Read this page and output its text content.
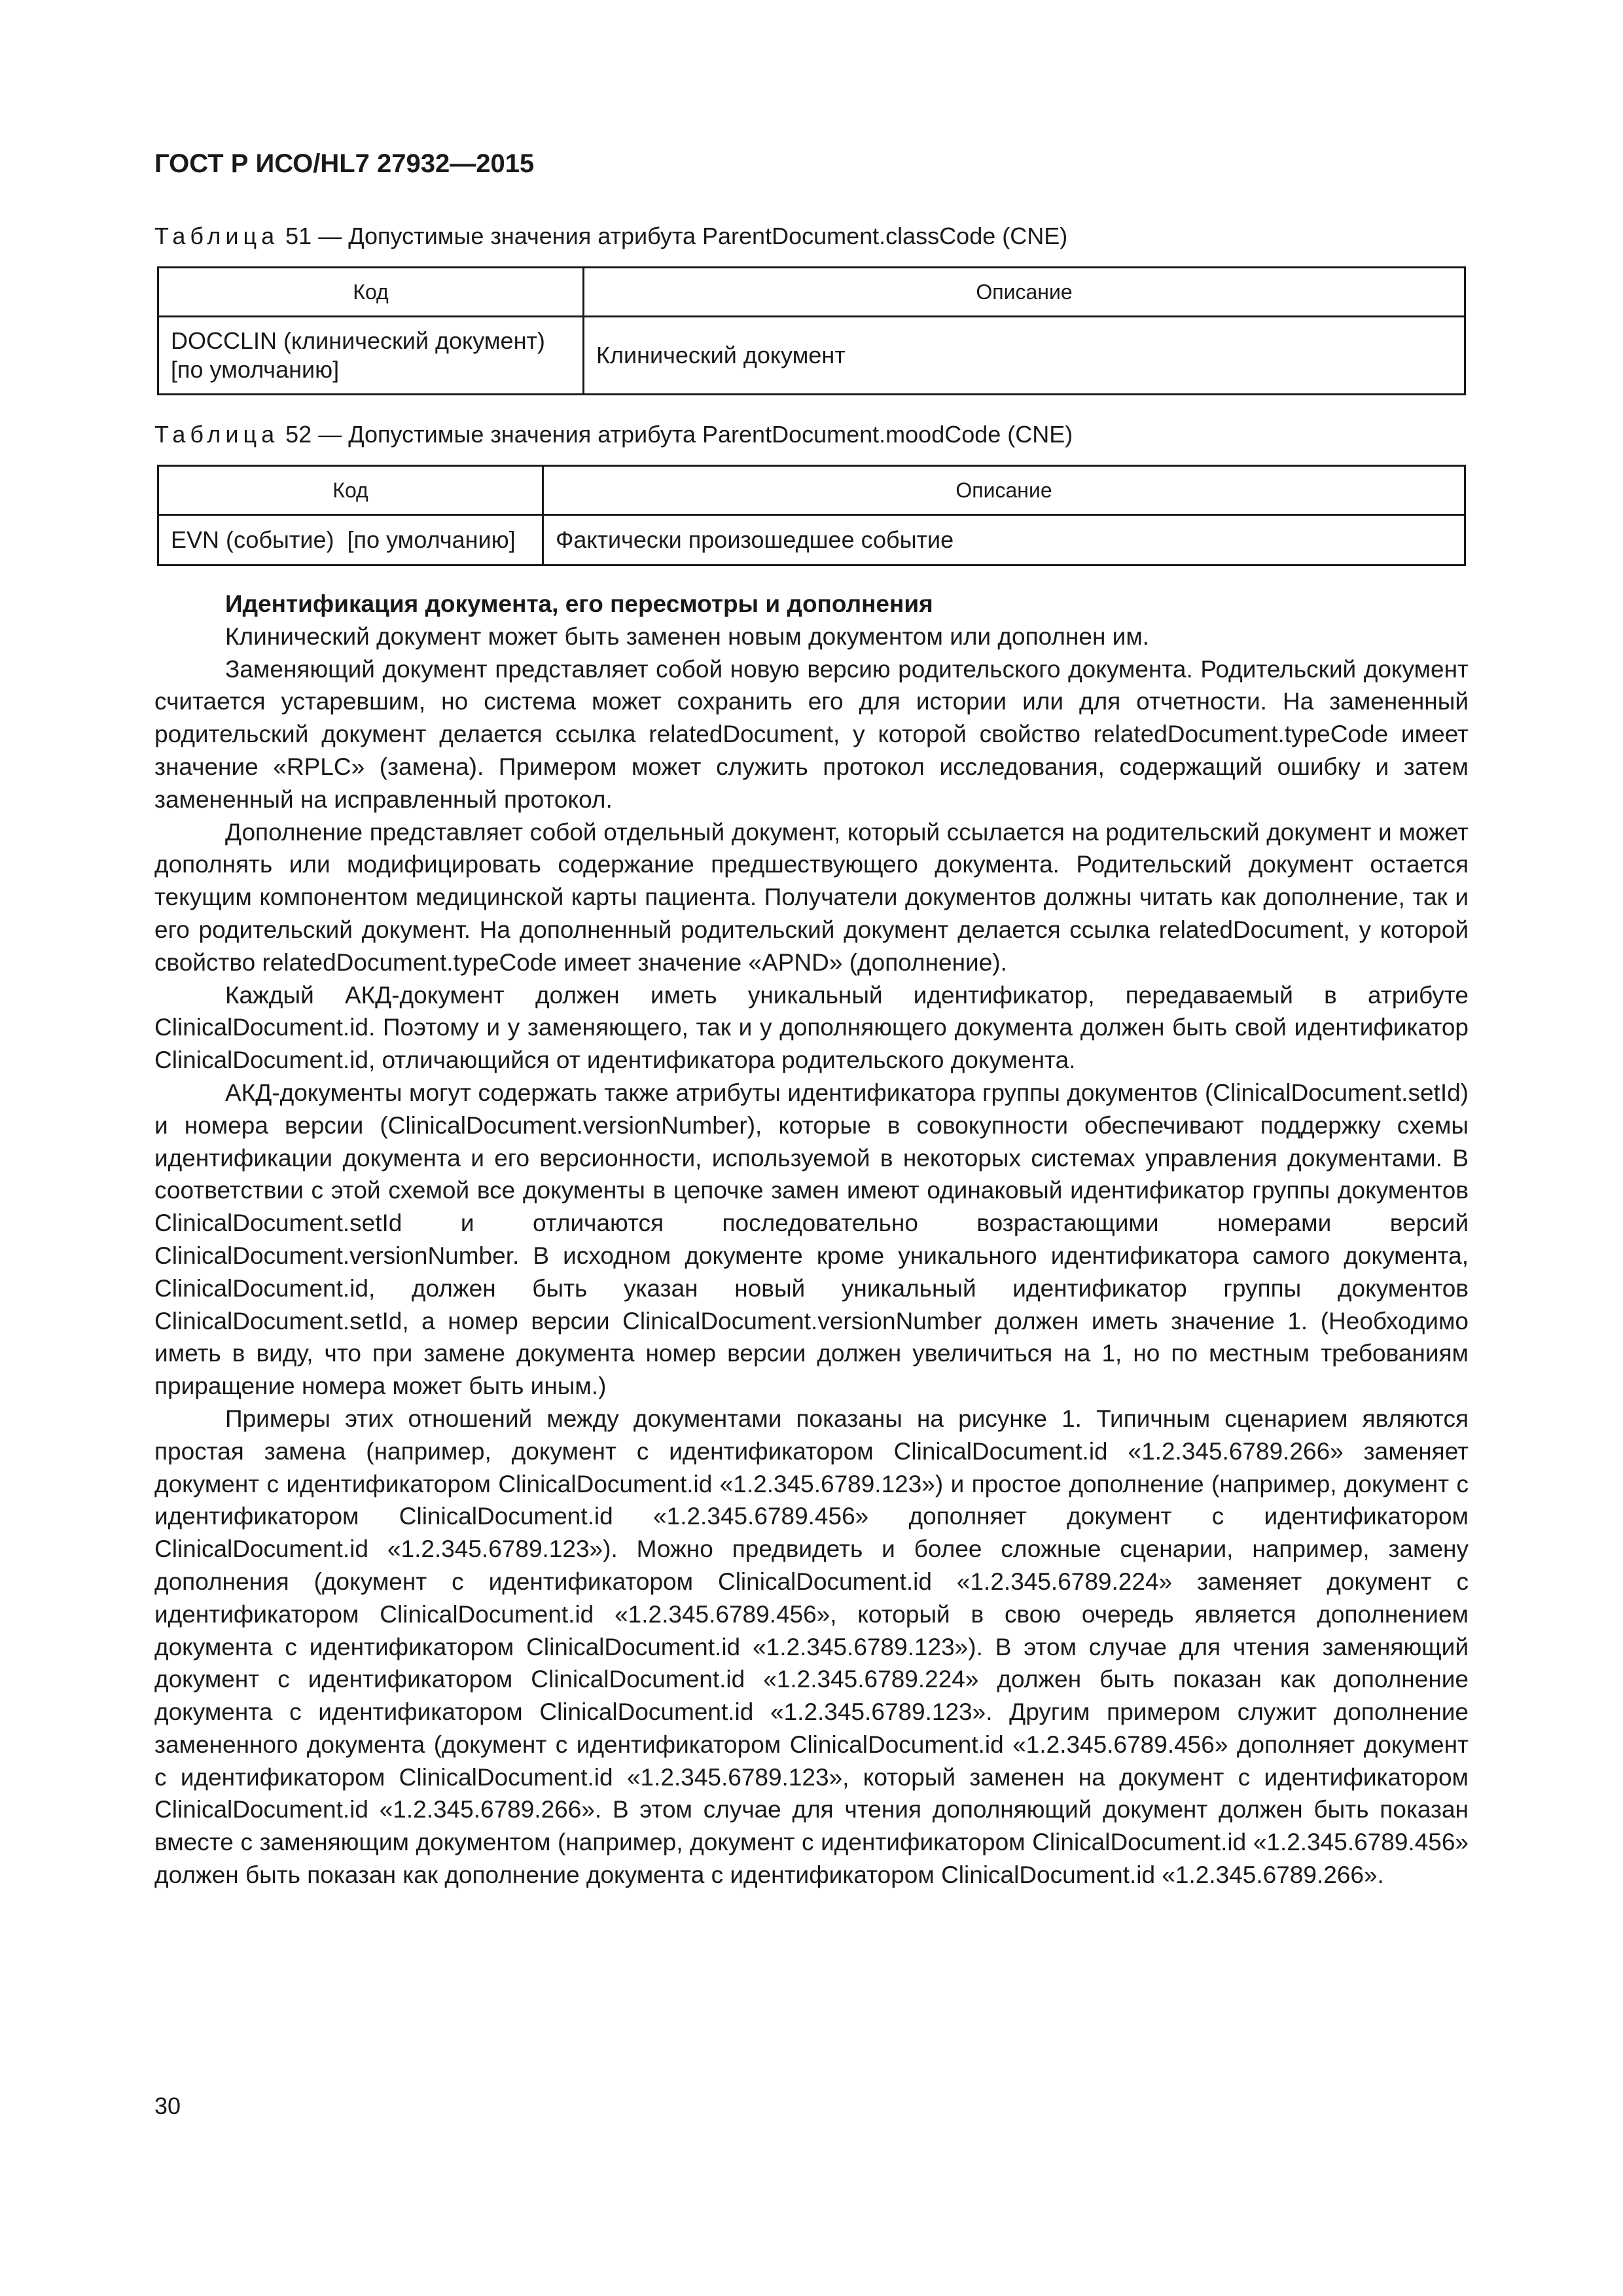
ГОСТ Р ИСО/HL7 27932—2015

Таблица 51 — Допустимые значения атрибута ParentDocument.classCode (CNE)

Код	Описание
DOCCLIN (клинический документ)
[по умолчанию]	Клинический документ

Таблица 52 — Допустимые значения атрибута ParentDocument.moodCode (CNE)

Код	Описание
EVN (событие)  [по умолчанию]	Фактически произошедшее событие
Идентификация документа, его пересмотры и дополнения

Клинический документ может быть заменен новым документом или дополнен им.

Заменяющий документ представляет собой новую версию родительского документа. Родительский документ считается устаревшим, но система может сохранить его для истории или для отчетности. На замененный родительский документ делается ссылка relatedDocument, у которой свойство relatedDocument.typeCode имеет значение «RPLC» (замена). Примером может служить протокол исследования, содержащий ошибку и затем замененный на исправленный протокол.

Дополнение представляет собой отдельный документ, который ссылается на родительский документ и может дополнять или модифицировать содержание предшествующего документа. Родительский документ остается текущим компонентом медицинской карты пациента. Получатели документов должны читать как дополнение, так и его родительский документ. На дополненный родительский документ делается ссылка relatedDocument, у которой свойство relatedDocument.typeCode имеет значение «APND» (дополнение).

Каждый АКД-документ должен иметь уникальный идентификатор, передаваемый в атрибуте ClinicalDocument.id. Поэтому и у заменяющего, так и у дополняющего документа должен быть свой идентификатор ClinicalDocument.id, отличающийся от идентификатора родительского документа.

АКД-документы могут содержать также атрибуты идентификатора группы документов (ClinicalDocument.setId) и номера версии (ClinicalDocument.versionNumber), которые в совокупности обеспечивают поддержку схемы идентификации документа и его версионности, используемой в некоторых системах управления документами. В соответствии с этой схемой все документы в цепочке замен имеют одинаковый идентификатор группы документов ClinicalDocument.setId и отличаются последовательно возрастающими номерами версий ClinicalDocument.versionNumber. В исходном документе кроме уникального идентификатора самого документа, ClinicalDocument.id, должен быть указан новый уникальный идентификатор группы документов ClinicalDocument.setId, а номер версии ClinicalDocument.versionNumber должен иметь значение 1. (Необходимо иметь в виду, что при замене документа номер версии должен увеличиться на 1, но по местным требованиям приращение номера может быть иным.)

Примеры этих отношений между документами показаны на рисунке 1. Типичным сценарием являются простая замена (например, документ с идентификатором ClinicalDocument.id «1.2.345.6789.266» заменяет документ с идентификатором ClinicalDocument.id «1.2.345.6789.123») и простое дополнение (например, документ с идентификатором ClinicalDocument.id «1.2.345.6789.456» дополняет документ с идентификатором ClinicalDocument.id «1.2.345.6789.123»). Можно предвидеть и более сложные сценарии, например, замену дополнения (документ с идентификатором ClinicalDocument.id «1.2.345.6789.224» заменяет документ с идентификатором ClinicalDocument.id «1.2.345.6789.456», который в свою очередь является дополнением документа с идентификатором ClinicalDocument.id «1.2.345.6789.123»). В этом случае для чтения заменяющий документ с идентификатором ClinicalDocument.id «1.2.345.6789.224» должен быть показан как дополнение документа с идентификатором ClinicalDocument.id «1.2.345.6789.123». Другим примером служит дополнение замененного документа (документ с идентификатором ClinicalDocument.id «1.2.345.6789.456» дополняет документ с идентификатором ClinicalDocument.id «1.2.345.6789.123», который заменен на документ с идентификатором ClinicalDocument.id «1.2.345.6789.266». В этом случае для чтения дополняющий документ должен быть показан вместе с заменяющим документом (например, документ с идентификатором ClinicalDocument.id «1.2.345.6789.456» должен быть показан как дополнение документа с идентификатором ClinicalDocument.id «1.2.345.6789.266».

30
